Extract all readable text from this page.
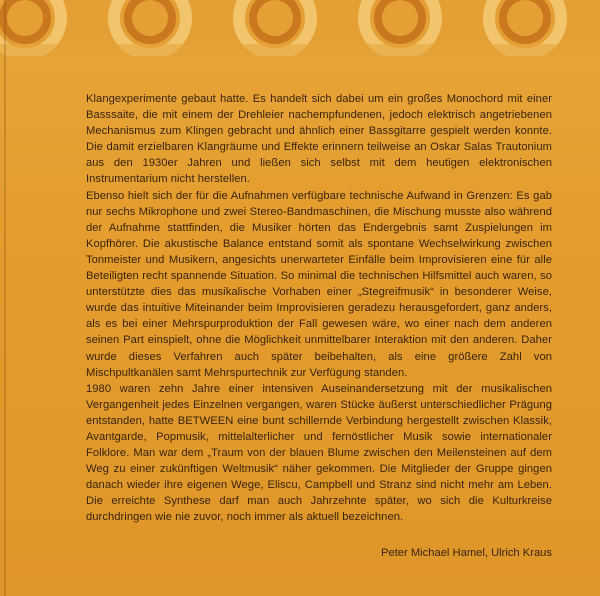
Klangexperimente gebaut hatte. Es handelt sich dabei um ein großes Monochord mit einer Basssaite, die mit einem der Drehleier nachempfundenen, jedoch elektrisch angetriebenen Mechanismus zum Klingen gebracht und ähnlich einer Bassgitarre gespielt werden konnte. Die damit erzielbaren Klangräume und Effekte erinnern teilweise an Oskar Salas Trautonium aus den 1930er Jahren und ließen sich selbst mit dem heutigen elektronischen Instrumentarium nicht herstellen.

Ebenso hielt sich der für die Aufnahmen verfügbare technische Aufwand in Grenzen: Es gab nur sechs Mikrophone und zwei Stereo-Bandmaschinen, die Mischung musste also während der Aufnahme stattfinden, die Musiker hörten das Endergebnis samt Zuspielungen im Kopfhörer. Die akustische Balance entstand somit als spontane Wechselwirkung zwischen Tonmeister und Musikern, angesichts unerwarteter Einfälle beim Improvisieren eine für alle Beteiligten recht spannende Situation. So minimal die technischen Hilfsmittel auch waren, so unterstützte dies das musikalische Vorhaben einer „Stegreifmusik“ in besonderer Weise, wurde das intuitive Miteinander beim Improvisieren geradezu herausgefordert, ganz anders, als es bei einer Mehrspurproduktion der Fall gewesen wäre, wo einer nach dem anderen seinen Part einspielt, ohne die Möglichkeit unmittelbarer Interaktion mit den anderen. Daher wurde dieses Verfahren auch später beibehalten, als eine größere Zahl von Mischpultkanälen samt Mehrspurtechnik zur Verfügung standen.

1980 waren zehn Jahre einer intensiven Auseinandersetzung mit der musikalischen Vergangenheit jedes Einzelnen vergangen, waren Stücke äußerst unterschiedlicher Prägung entstanden, hatte BETWEEN eine bunt schillernde Verbindung hergestellt zwischen Klassik, Avantgarde, Popmusik, mittelalterlicher und fernöstlicher Musik sowie internationaler Folklore. Man war dem „Traum von der blauen Blume zwischen den Meilensteinen auf dem Weg zu einer zukünftigen Weltmusik“ näher gekommen. Die Mitglieder der Gruppe gingen danach wieder ihre eigenen Wege, Eliscu, Campbell und Stranz sind nicht mehr am Leben. Die erreichte Synthese darf man auch Jahrzehnte später, wo sich die Kulturkreise durchdringen wie nie zuvor, noch immer als aktuell bezeichnen.

Peter Michael Hamel, Ulrich Kraus
